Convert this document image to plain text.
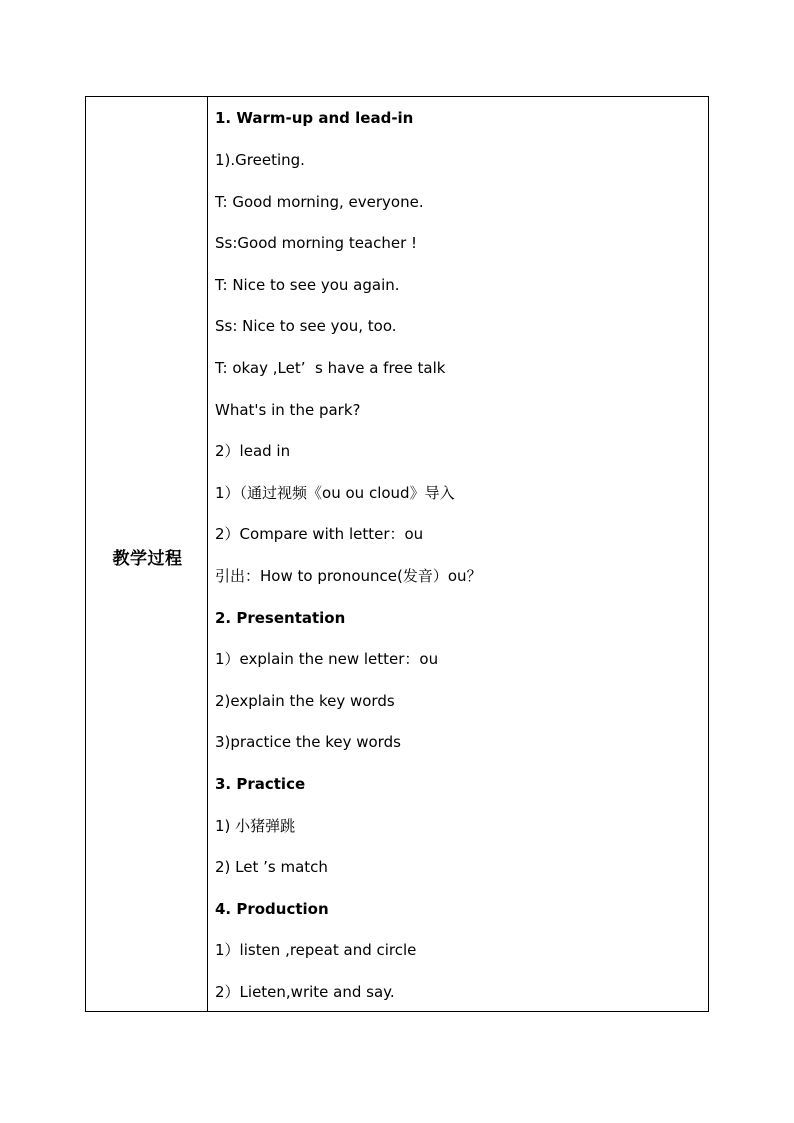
教学过程
1. Warm-up and lead-in
1).Greeting.
T: Good morning, everyone.
Ss:Good morning teacher !
T: Nice to see you again.
Ss: Nice to see you, too.
T: okay ,Let’  s have a free talk
What's in the park?
2）lead in
1）（通过视频《ou ou cloud》导入
2）Compare with letter：ou
引出：How to pronounce(发音）ou？
2. Presentation
1）explain the new letter：ou
2)explain the key words
3)practice the key words
3. Practice
1) 小猪弹跳
2) Let ’s match
4. Production
1）listen ,repeat and circle
2）Lieten,write and say.
